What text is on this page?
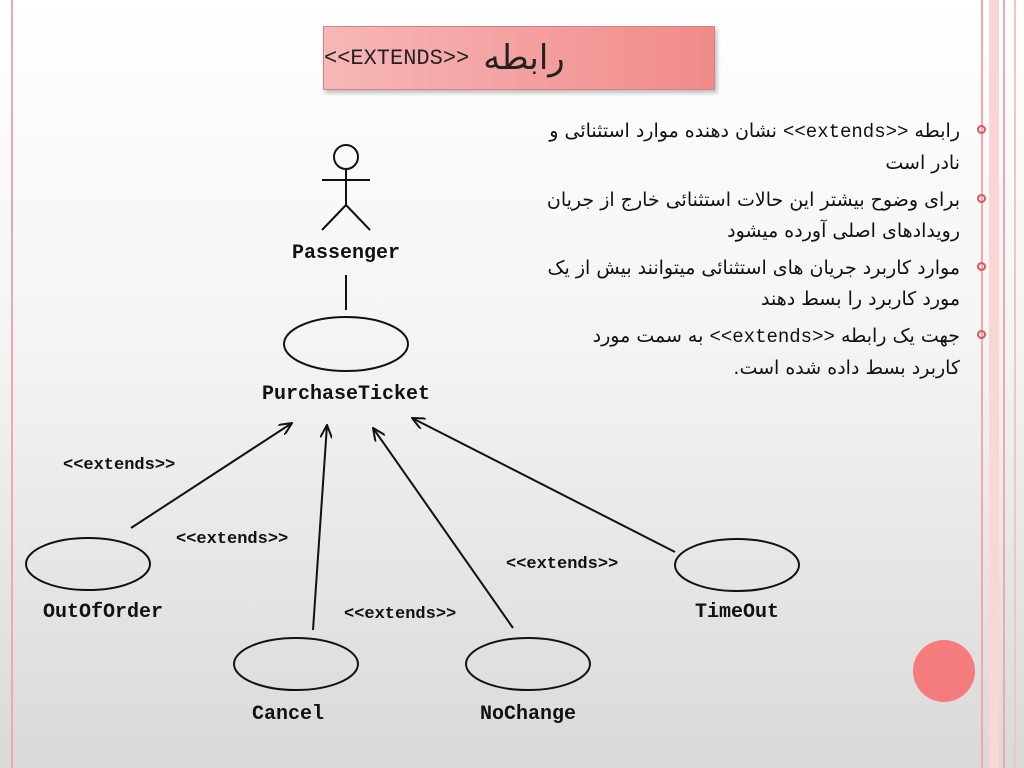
رابطه
<<EXTENDS>>
رابطه <<extends>> نشان دهنده موارد استثنائی و نادر است
برای وضوح بیشتر این حالات استثنائی خارج از جریان رویدادهای اصلی آورده میشود
موارد کاربرد جریان های استثنائی میتوانند بیش از یک مورد کاربرد را بسط دهند
جهت یک رابطه <<extends>> به سمت مورد کاربرد بسط داده شده است.
Passenger
PurchaseTicket
OutOfOrder
Cancel	NoChange
TimeOut
<<extends>>
<<extends>>
<<extends>>
<<extends>>
